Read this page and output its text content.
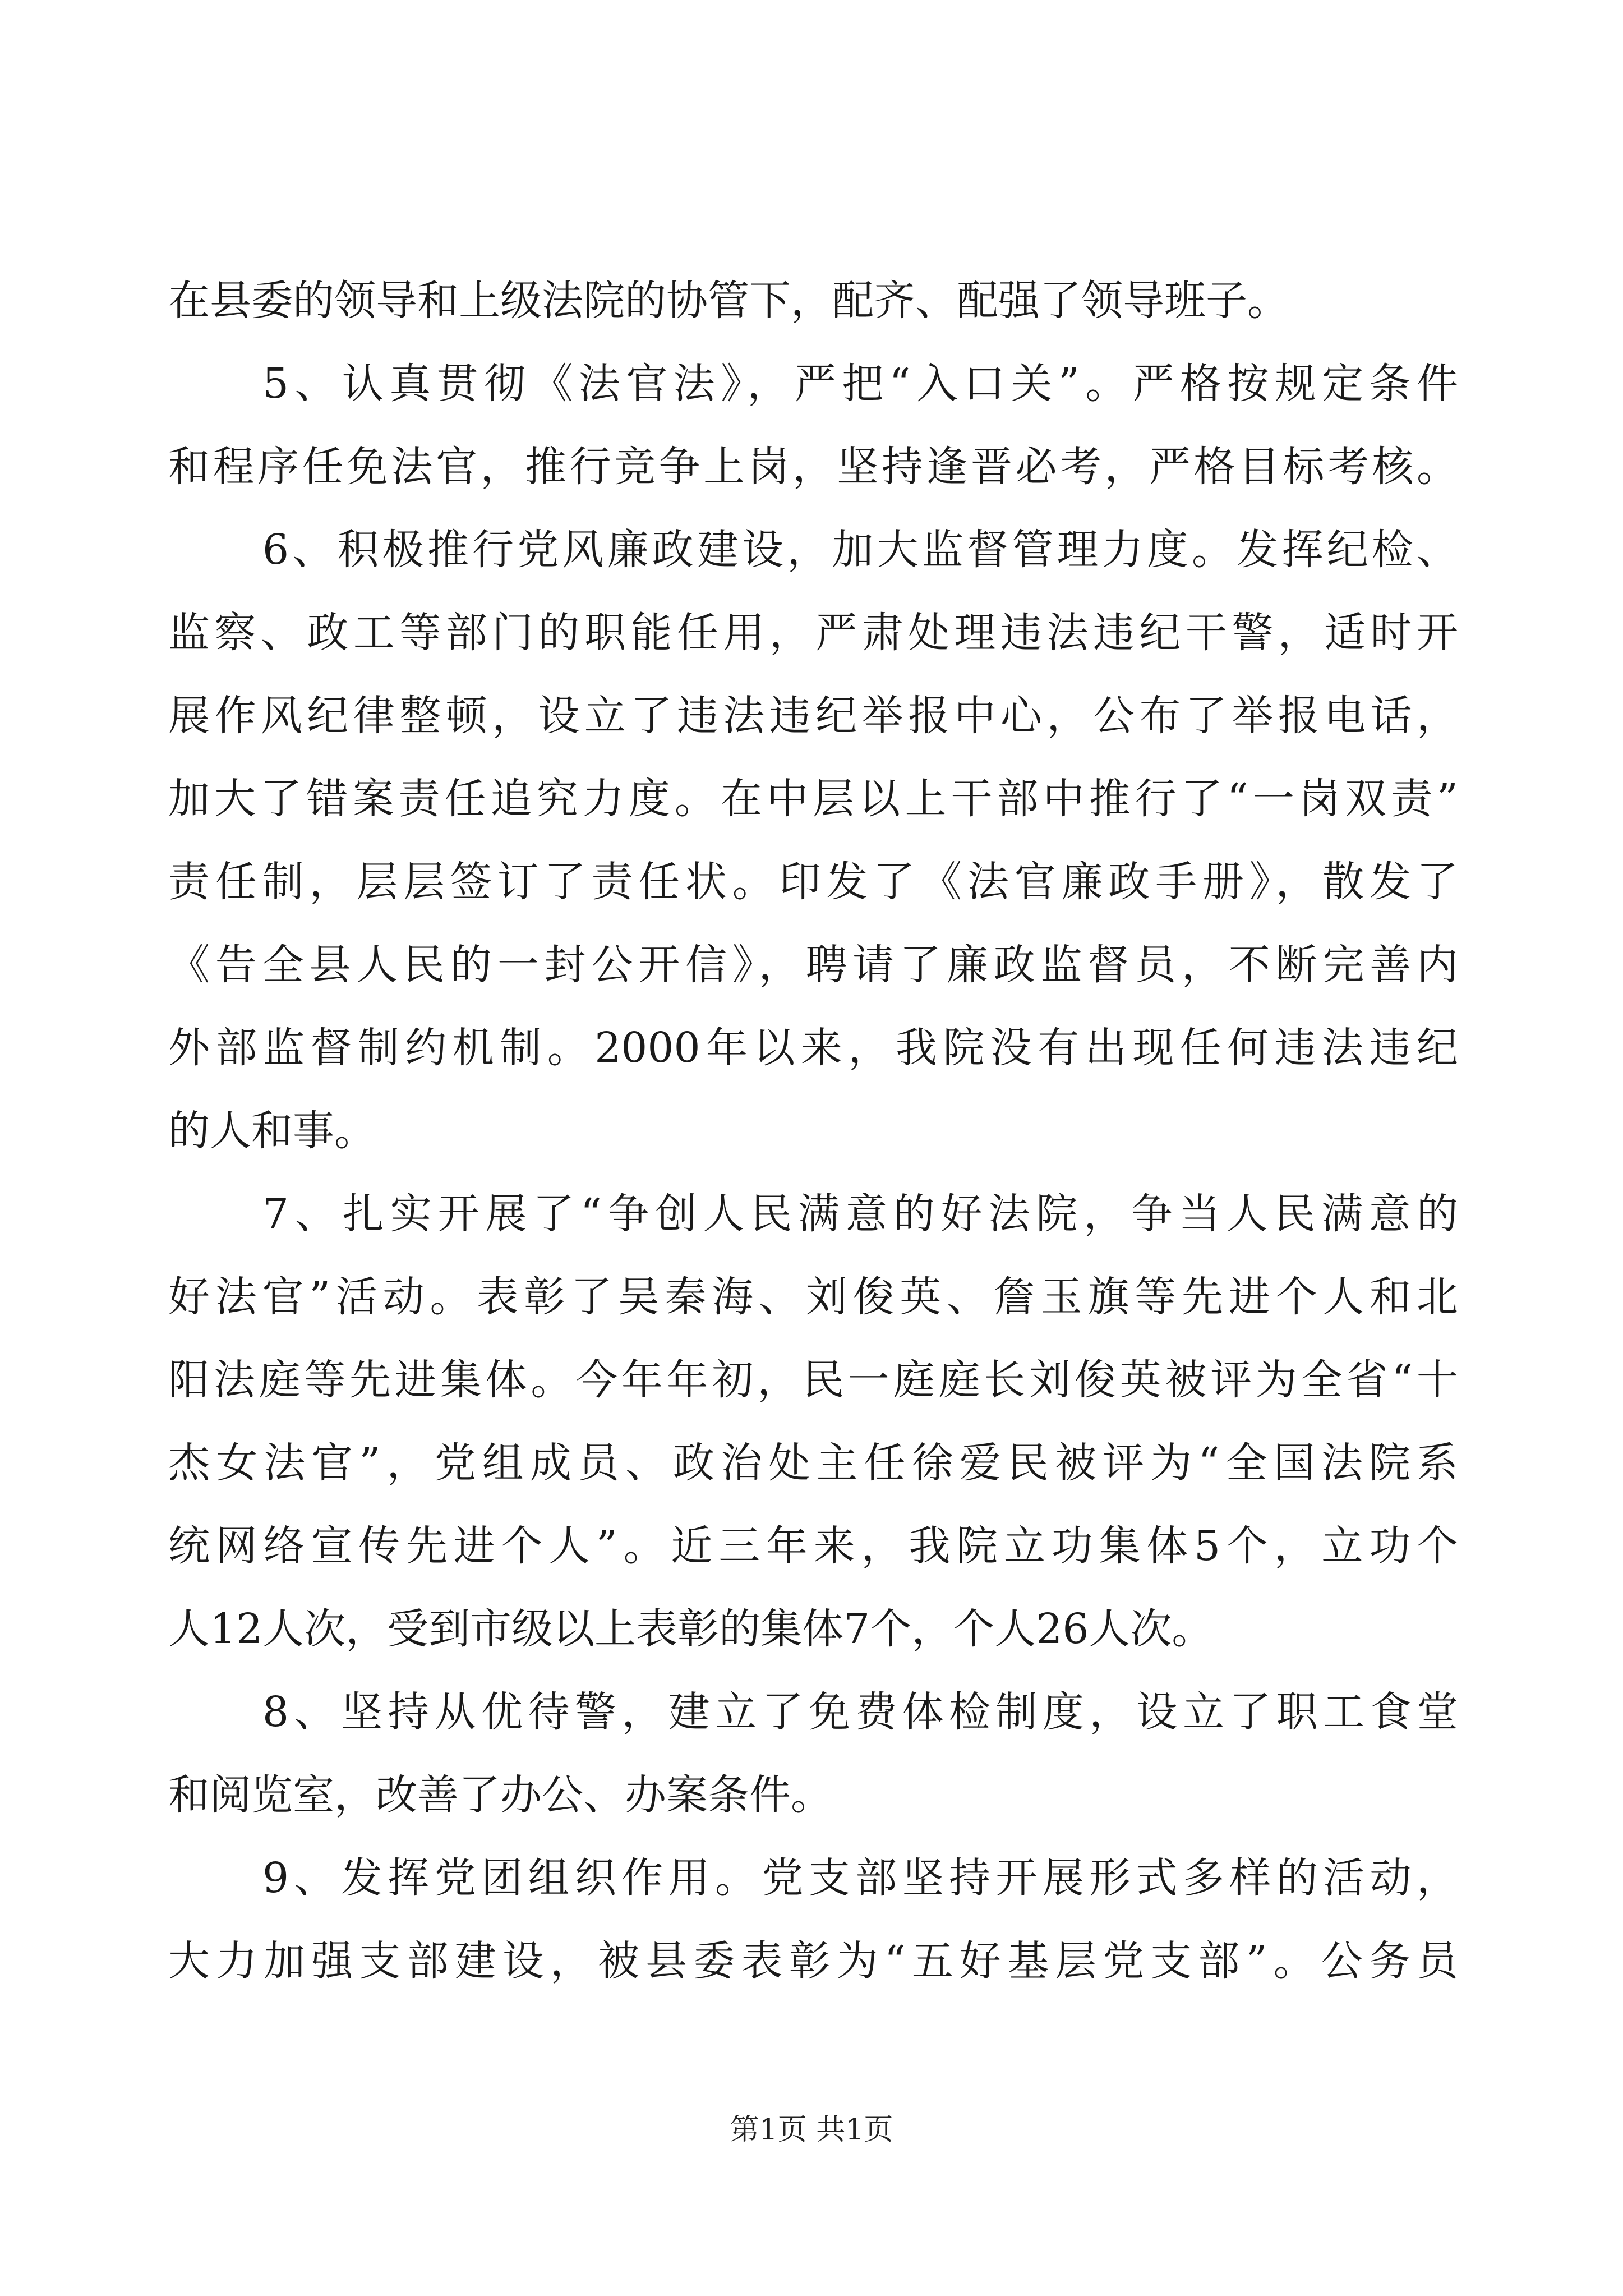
在县委的领导和上级法院的协管下，配齐、配强了领导班子。
5、认真贯彻《法官法》，严把“入口关”。严格按规定条件
和程序任免法官，推行竞争上岗，坚持逢晋必考，严格目标考核。
6、积极推行党风廉政建设，加大监督管理力度。发挥纪检、
监察、政工等部门的职能任用，严肃处理违法违纪干警，适时开
展作风纪律整顿，设立了违法违纪举报中心，公布了举报电话，
加大了错案责任追究力度。在中层以上干部中推行了“一岗双责”
责任制，层层签订了责任状。印发了《法官廉政手册》，散发了
《告全县人民的一封公开信》，聘请了廉政监督员，不断完善内
外部监督制约机制。2000年以来，我院没有出现任何违法违纪
的人和事。
7、扎实开展了“争创人民满意的好法院，争当人民满意的
好法官”活动。表彰了吴秦海、刘俊英、詹玉旗等先进个人和北
阳法庭等先进集体。今年年初，民一庭庭长刘俊英被评为全省“十
杰女法官”，党组成员、政治处主任徐爱民被评为“全国法院系
统网络宣传先进个人”。近三年来，我院立功集体5个，立功个
人12人次，受到市级以上表彰的集体7个，个人26人次。
8、坚持从优待警，建立了免费体检制度，设立了职工食堂
和阅览室，改善了办公、办案条件。
9、发挥党团组织作用。党支部坚持开展形式多样的活动，
大力加强支部建设，被县委表彰为“五好基层党支部”。公务员
第1页 共1页
